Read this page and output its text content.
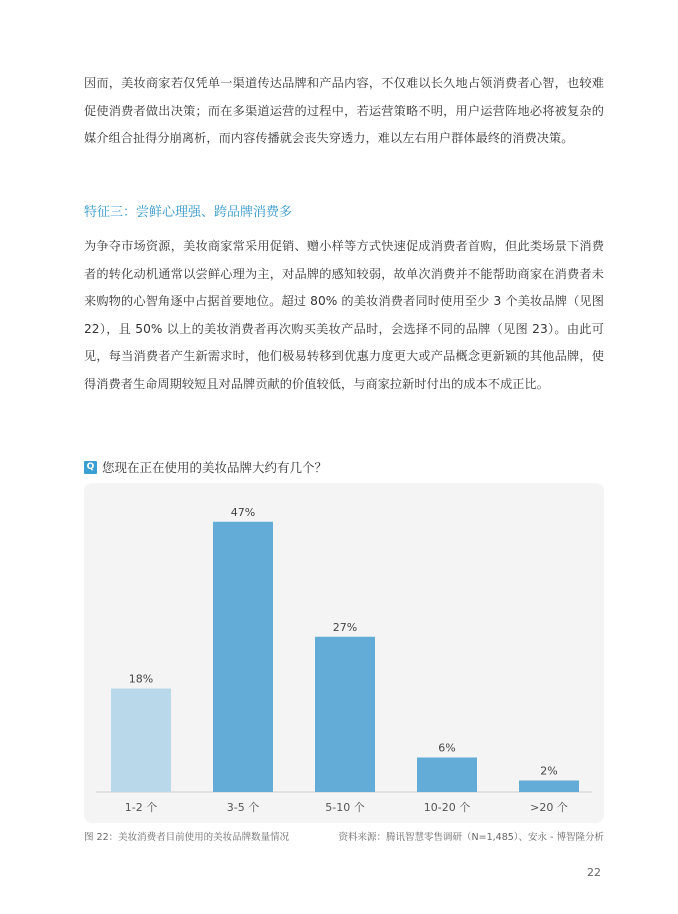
因而，美妆商家若仅凭单一渠道传达品牌和产品内容，不仅难以长久地占领消费者心智，也较难促使消费者做出决策；而在多渠道运营的过程中，若运营策略不明，用户运营阵地必将被复杂的媒介组合扯得分崩离析，而内容传播就会丧失穿透力，难以左右用户群体最终的消费决策。

特征三：尝鲜心理强、跨品牌消费多

为争夺市场资源，美妆商家常采用促销、赠小样等方式快速促成消费者首购，但此类场景下消费者的转化动机通常以尝鲜心理为主，对品牌的感知较弱，故单次消费并不能帮助商家在消费者未来购物的心智角逐中占据首要地位。超过 80% 的美妆消费者同时使用至少 3 个美妆品牌（见图 22），且 50% 以上的美妆消费者再次购买美妆产品时，会选择不同的品牌（见图 23）。由此可见，每当消费者产生新需求时，他们极易转移到优惠力度更大或产品概念更新颖的其他品牌，使得消费者生命周期较短且对品牌贡献的价值较低，与商家拉新时付出的成本不成正比。

Q 您现在正在使用的美妆品牌大约有几个？
18%
1-2 个
47%
3-5 个
27%
5-10 个
6%
10-20 个
2%
>20 个
图 22：美妆消费者目前使用的美妆品牌数量情况	资料来源：腾讯智慧零售调研（N=1,485）、安永 - 博智隆分析
22
